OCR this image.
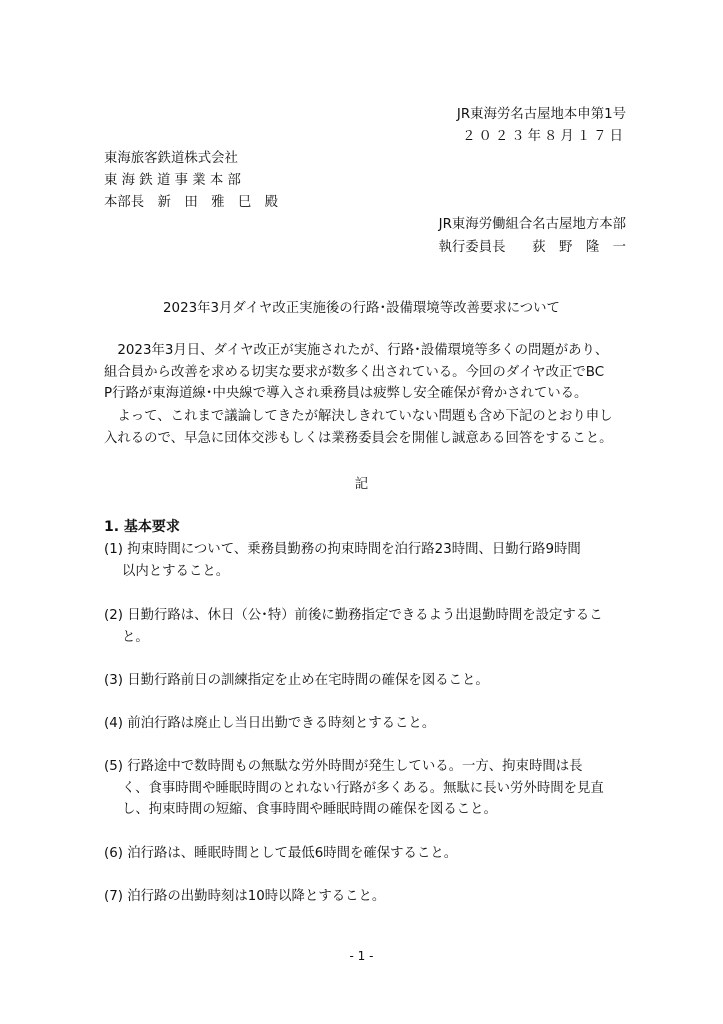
JR東海労名古屋地本申第1号
２０２３年８月１７日
東海旅客鉄道株式会社
東 海 鉄 道 事 業 本 部
本部長　新　田　雅　巳　殿
JR東海労働組合名古屋地方本部
執行委員長　　荻　野　隆　一
2023年3月ダイヤ改正実施後の行路･設備環境等改善要求について
　2023年3月日、ダイヤ改正が実施されたが、行路･設備環境等多くの問題があり、
組合員から改善を求める切実な要求が数多く出されている。今回のダイヤ改正でBC
P行路が東海道線･中央線で導入され乗務員は疲弊し安全確保が脅かされている。
　よって、これまで議論してきたが解決しきれていない問題も含め下記のとおり申し
入れるので、早急に団体交渉もしくは業務委員会を開催し誠意ある回答をすること。
記
1. 基本要求
(1) 拘束時間について、乗務員勤務の拘束時間を泊行路23時間、日勤行路9時間
以内とすること。
(2) 日勤行路は、休日（公･特）前後に勤務指定できるよう出退勤時間を設定するこ
と。
(3) 日勤行路前日の訓練指定を止め在宅時間の確保を図ること。
(4) 前泊行路は廃止し当日出勤できる時刻とすること。
(5) 行路途中で数時間もの無駄な労外時間が発生している。一方、拘束時間は長
く、食事時間や睡眠時間のとれない行路が多くある。無駄に長い労外時間を見直
し、拘束時間の短縮、食事時間や睡眠時間の確保を図ること。
(6) 泊行路は、睡眠時間として最低6時間を確保すること。
(7) 泊行路の出勤時刻は10時以降とすること。
- 1 -
